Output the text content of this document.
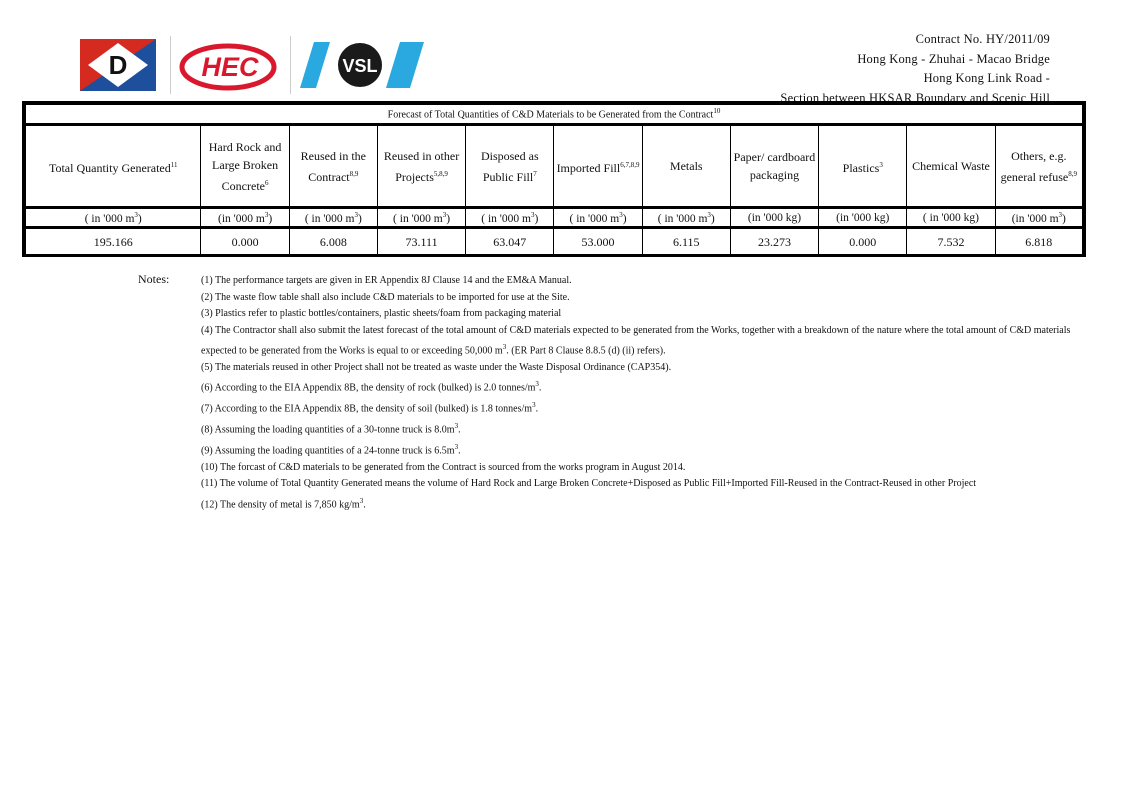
D	HEC	VSL
Contract No. HY/2011/09
Hong Kong - Zhuhai - Macao Bridge
Hong Kong Link Road -
Section between HKSAR Boundary and Scenic Hill
Forecast of Total Quantities of C&D Materials to be Generated from the Contract$^{10}$
Total Quantity Generated$^{11}$	Hard Rock and Large Broken Concrete$^6$	Reused in the Contract$^{8,9}$	Reused in other Projects$^{5,8,9}$	Disposed as Public Fill$^7$	Imported Fill$^{6,7,8,9}$	Metals	Paper/ cardboard packaging	Plastics$^3$	Chemical Waste	Others, e.g. general refuse$^{8,9}$
( in '000 $m^3$)	(in '000 $m^3$)	( in '000 $m^3$)	( in '000 $m^3$)	( in '000 $m^3$)	( in '000 $m^3$)	( in '000 $m^3$)	(in '000 kg)	(in '000 kg)	( in '000 kg)	(in '000 $m^3$)
195.166	0.000	6.008	73.111	63.047	53.000	6.115	23.273	0.000	7.532	6.818
Notes:	(1) The performance targets are given in ER Appendix 8J Clause 14 and the EM&A Manual.
(2) The waste flow table shall also include C&D materials to be imported for use at the Site.
(3) Plastics refer to plastic bottles/containers, plastic sheets/foam from packaging material
(4) The Contractor shall also submit the latest forecast of the total amount of C&D materials expected to be generated from the Works, together with a breakdown of the nature where the total amount of C&D materials expected to be generated from the Works is equal to or exceeding 50,000 $m^3$. (ER Part 8 Clause 8.8.5 (d) (ii) refers).
(5) The materials reused in other Project shall not be treated as waste under the Waste Disposal Ordinance (CAP354).
(6) According to the EIA Appendix 8B, the density of rock (bulked) is 2.0 tonnes/$m^3$.
(7) According to the EIA Appendix 8B, the density of soil (bulked) is 1.8 tonnes/$m^3$.
(8) Assuming the loading quantities of a 30-tonne truck is $8.0m^3$.
(9) Assuming the loading quantities of a 24-tonne truck is $6.5m^3$.
(10) The forcast of C&D materials to be generated from the Contract is sourced from the works program in August 2014.
(11) The volume of Total Quantity Generated means the volume of Hard Rock and Large Broken Concrete+Disposed as Public Fill+Imported Fill-Reused in the Contract-Reused in other Project
(12) The density of metal is 7,850 $kg/m^3$.
